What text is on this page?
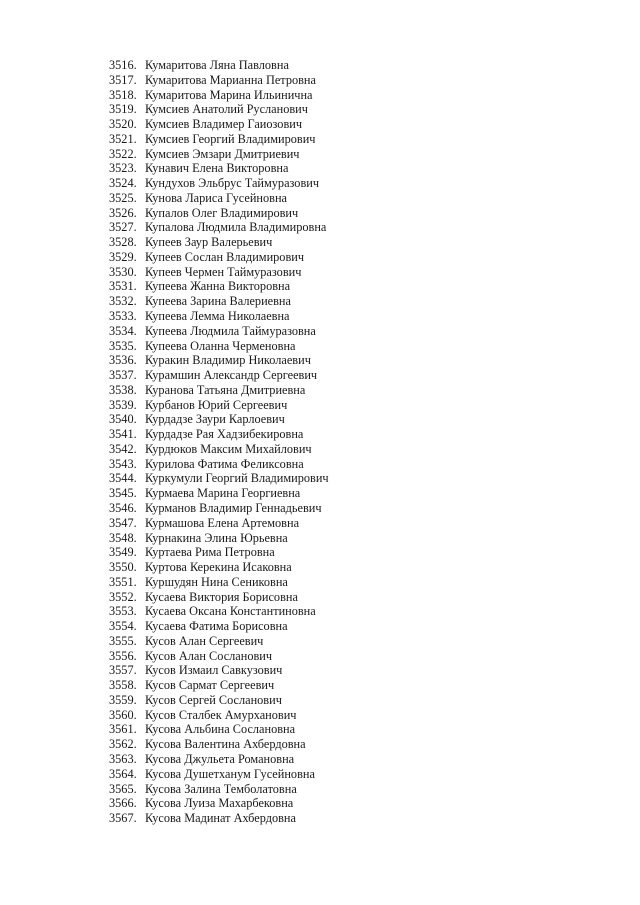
3516. Кумаритова Ляна Павловна
3517. Кумаритова Марианна Петровна
3518. Кумаритова Марина Ильинична
3519. Кумсиев Анатолий Русланович
3520. Кумсиев Владимер Гаиозович
3521. Кумсиев Георгий Владимирович
3522. Кумсиев Эмзари Дмитриевич
3523. Кунавич Елена Викторовна
3524. Кундухов Эльбрус Таймуразович
3525. Кунова Лариса Гусейновна
3526. Купалов Олег Владимирович
3527. Купалова Людмила Владимировна
3528. Купеев Заур Валерьевич
3529. Купеев Сослан Владимирович
3530. Купеев Чермен Таймуразович
3531. Купеева Жанна Викторовна
3532. Купеева Зарина Валериевна
3533. Купеева Лемма Николаевна
3534. Купеева Людмила Таймуразовна
3535. Купеева Оланна Черменовна
3536. Куракин Владимир Николаевич
3537. Курамшин Александр Сергеевич
3538. Куранова Татьяна Дмитриевна
3539. Курбанов Юрий Сергеевич
3540. Курдадзе Заури Карлоевич
3541. Курдадзе Рая Хадзибекировна
3542. Курдюков Максим Михайлович
3543. Курилова Фатима Феликсовна
3544. Куркумули Георгий Владимирович
3545. Курмаева Марина Георгиевна
3546. Курманов Владимир Геннадьевич
3547. Курмашова Елена Артемовна
3548. Курнакина Элина Юрьевна
3549. Куртаева Рима Петровна
3550. Куртова Керекина Исаковна
3551. Куршудян Нина Сениковна
3552. Кусаева Виктория Борисовна
3553. Кусаева Оксана Константиновна
3554. Кусаева Фатима Борисовна
3555. Кусов Алан Сергеевич
3556. Кусов Алан Сосланович
3557. Кусов Измаил Савкузович
3558. Кусов Сармат Сергеевич
3559. Кусов Сергей Сосланович
3560. Кусов Сталбек Амурханович
3561. Кусова Альбина Сослановна
3562. Кусова Валентина Ахбердовна
3563. Кусова Джульета Романовна
3564. Кусова Душетханум Гусейновна
3565. Кусова Залина Темболатовна
3566. Кусова Луиза Махарбековна
3567. Кусова Мадинат Ахбердовна
